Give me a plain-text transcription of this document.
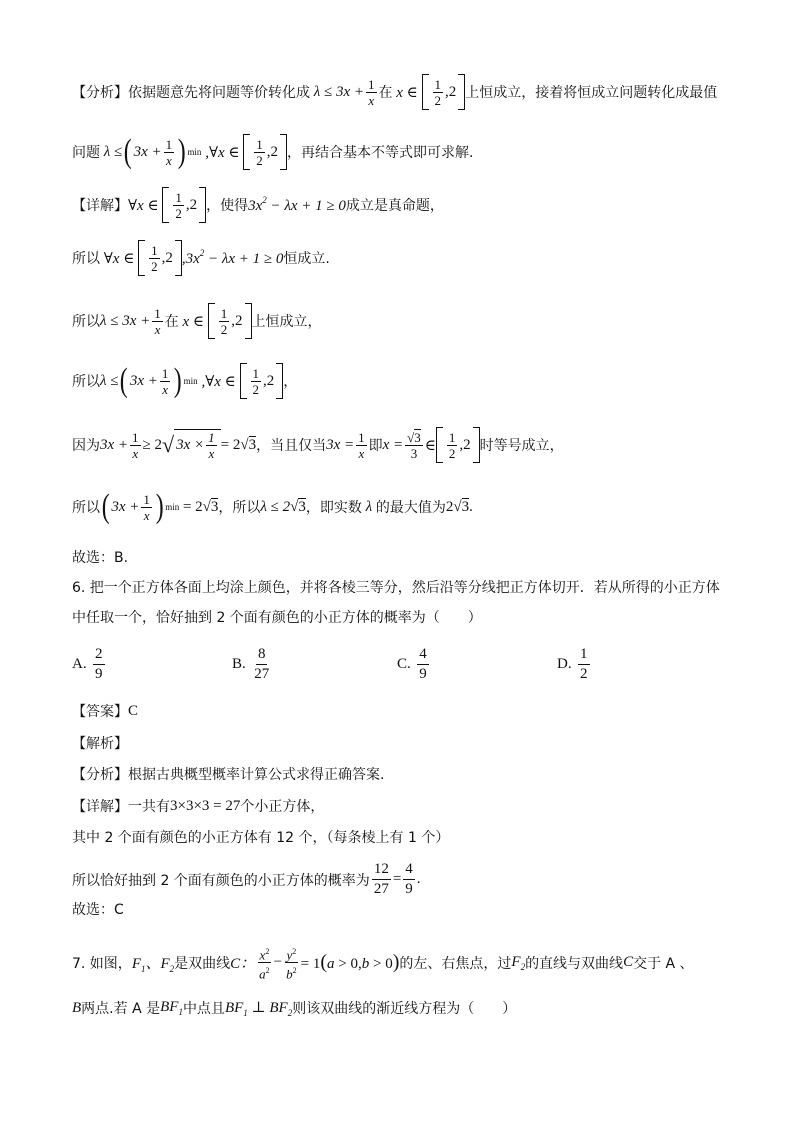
【分析】 依据题意先将问题等价转化成 $\lambda \le 3x + \frac{1}{x}$ 在 x ∈ $\frac{1}{2} ,2$ 上恒成立，接着将恒成立问题转化成最值
问题 λ ≤ ( $3x + \frac{1}{x}$ ) min ,∀x ∈ $\frac{1}{2} ,2$ ，再结合基本不等式即可求解.
【详解】 ∀x ∈ $\frac{1}{2} ,2$ ，使得 $3x^2 - \lambda x + 1 \ge 0$ 成立是真命题，
所以 ∀x ∈ $\frac{1}{2} ,2$ $,3x^2 - \lambda x + 1 \ge 0$ 恒成立.
所以 $\lambda \le 3x + \frac{1}{x}$ 在 x ∈ $\frac{1}{2} ,2$ 上恒成立，
所以 λ ≤ ( $3x + \frac{1}{x}$ ) min ,∀x ∈ $\frac{1}{2} ,2$ ，
因为 $3x + \frac{1}{x} \ge 2$ √ $3x \times \frac{1}{x} = 2√3$ ，当且仅当 $3x = \frac{1}{x}$ 即 $x = \frac{√3}{3}$ ∈ $\frac{1}{2} ,2$ 时等号成立，
所以 ( $3x + \frac{1}{x}$ ) min = 2√3 ，所以 λ ≤ 2√3 ，即实数 λ 的最大值为 2√3.
故选：B.
6. 把一个正方体各面上均涂上颜色，并将各棱三等分，然后沿等分线把正方体切开．若从所得的小正方体
中任取一个，恰好抽到 2 个面有颜色的小正方体的概率为（　　）
A.
$\frac{2}{9}$	B.
$\frac{8}{27}$	C.
$\frac{4}{9}$	D.
$\frac{1}{2}$
【答案】 C
【解析】
【分析】 根据古典概型概率计算公式求得正确答案.
【详解】 一共有 3×3×3 = 27 个小正方体，
其中 2 个面有颜色的小正方体有 12 个，（每条棱上有 1 个）
所以恰好抽到 2 个面有颜色的小正方体的概率为 $\frac{12}{27} = \frac{4}{9}$ .
故选：C
7. 如图， $F_1$、$F_2$ 是双曲线 C： $\frac{x^2}{a^2} - \frac{y^2}{b^2} = 1(a > 0,b > 0)$ 的左、右焦点，过 $F_2$ 的直线与双曲线 C 交于 A 、
B 两点.若 A 是 $BF_1$ 中点且 $BF_1$ ⊥ $BF_2$ 则该双曲线的渐近线方程为（　　）
